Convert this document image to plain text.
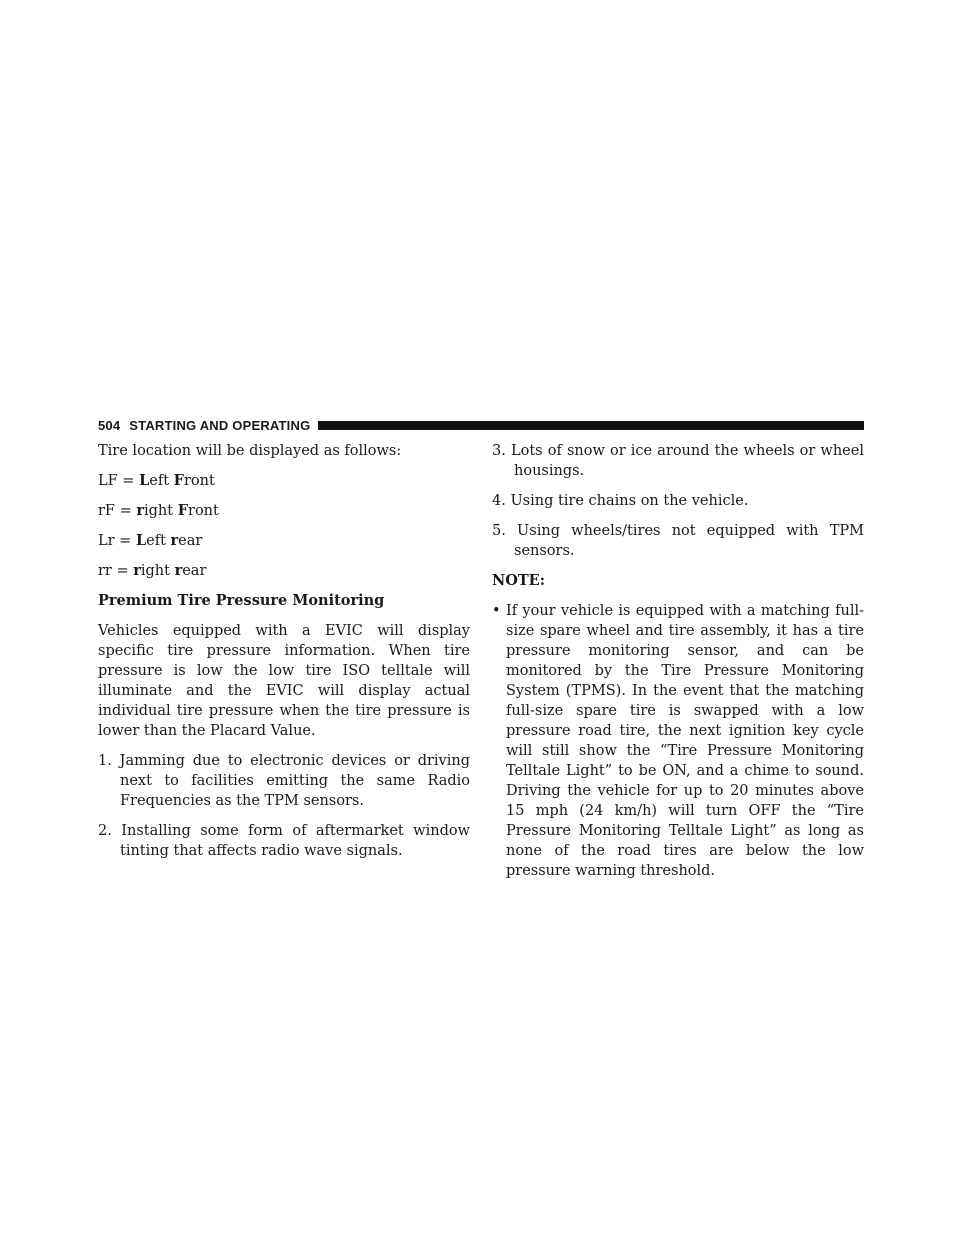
504 STARTING AND OPERATING

Tire location will be displayed as follows:

LF = Left Front

rF = right Front

Lr = Left rear

rr = right rear

Premium Tire Pressure Monitoring

Vehicles equipped with a EVIC will display specific tire pressure information. When tire pressure is low the low tire ISO telltale will illuminate and the EVIC will display actual individual tire pressure when the tire pressure is lower than the Placard Value.

1. Jamming due to electronic devices or driving next to facilities emitting the same Radio Frequencies as the TPM sensors.

2. Installing some form of aftermarket window tinting that affects radio wave signals.

3. Lots of snow or ice around the wheels or wheel housings.

4. Using tire chains on the vehicle.

5. Using wheels/tires not equipped with TPM sensors.

NOTE:

• If your vehicle is equipped with a matching full-size spare wheel and tire assembly, it has a tire pressure monitoring sensor, and can be monitored by the Tire Pressure Monitoring System (TPMS). In the event that the matching full-size spare tire is swapped with a low pressure road tire, the next ignition key cycle will still show the “Tire Pressure Monitoring Telltale Light” to be ON, and a chime to sound. Driving the vehicle for up to 20 minutes above 15 mph (24 km/h) will turn OFF the “Tire Pressure Monitoring Telltale Light” as long as none of the road tires are below the low pressure warning threshold.
